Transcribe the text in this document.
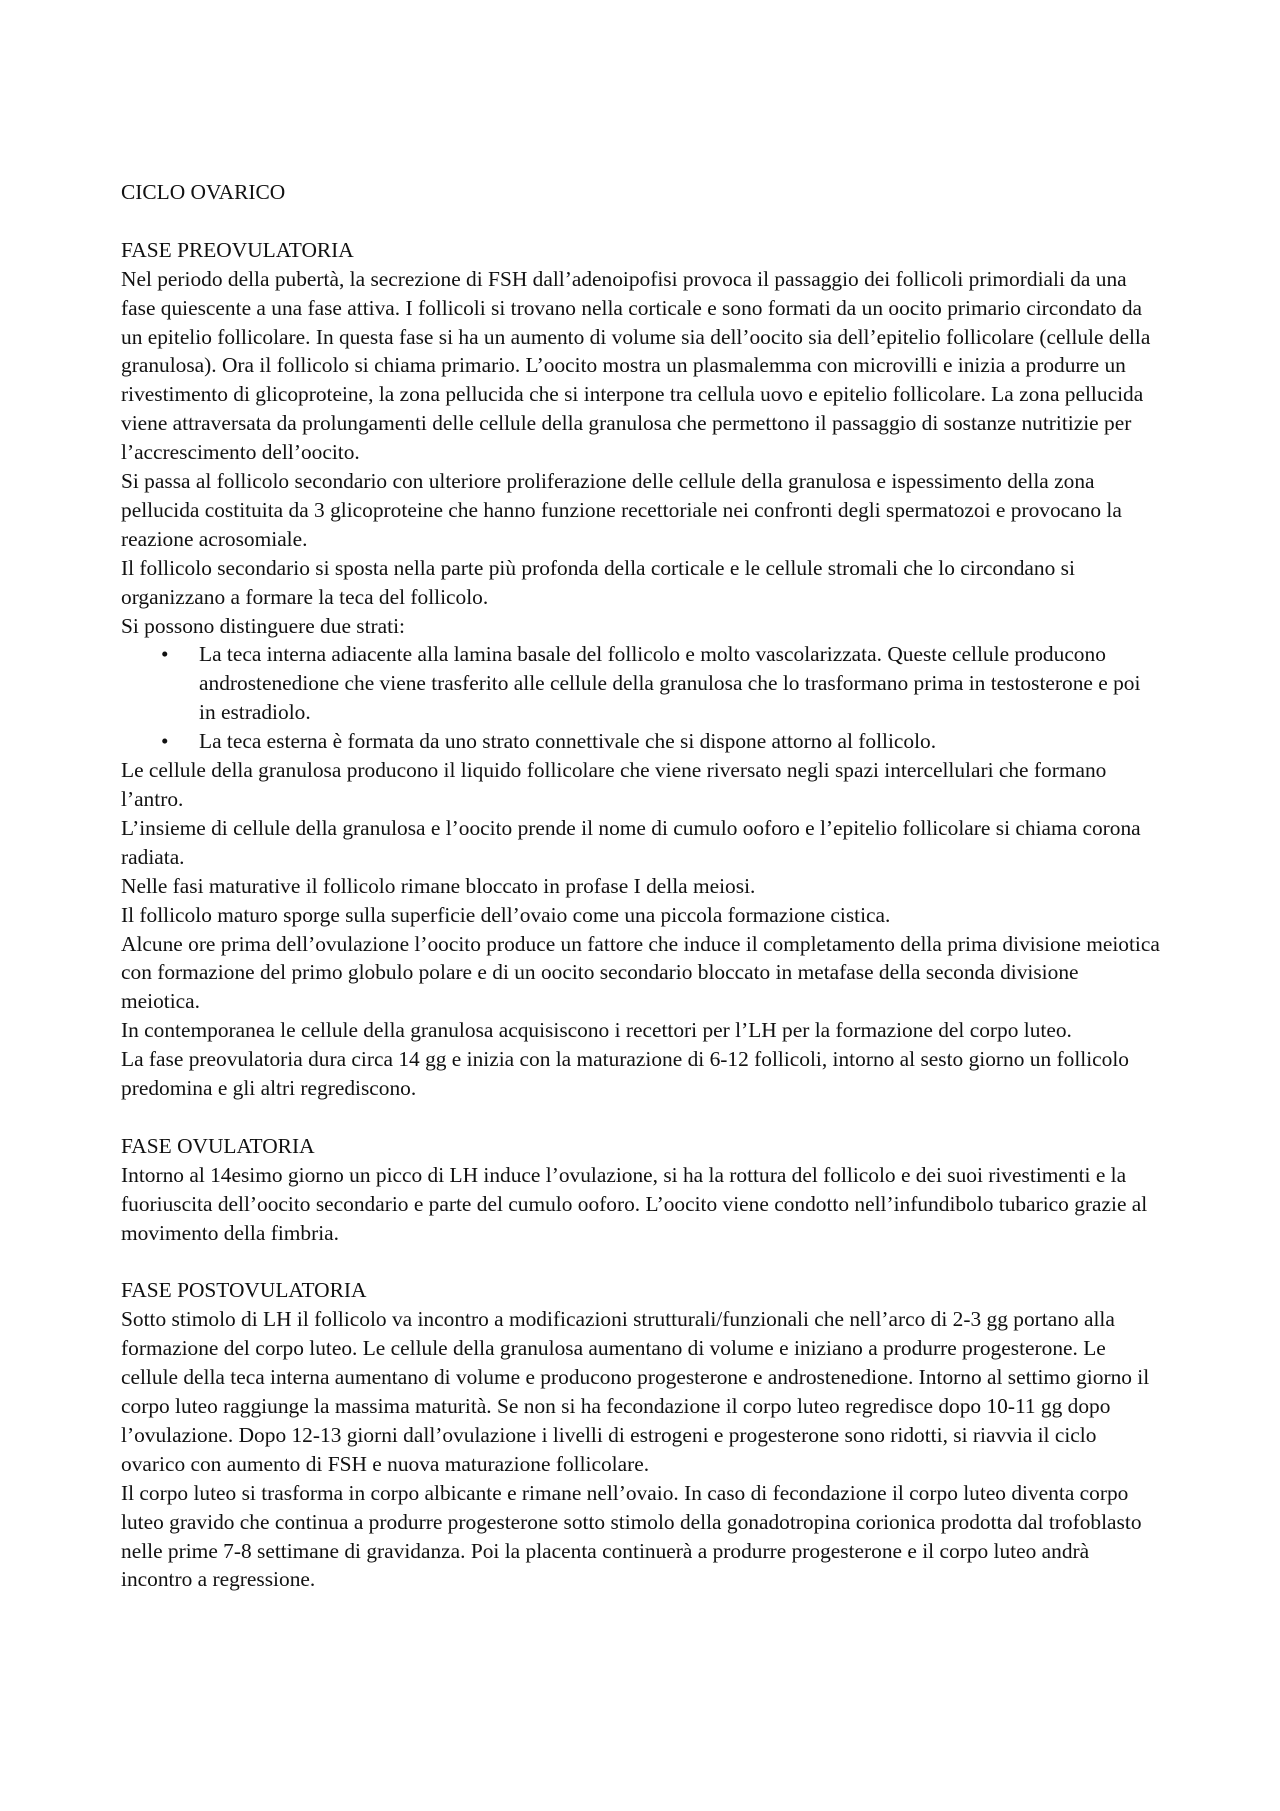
CICLO OVARICO

FASE PREOVULATORIA

Nel periodo della pubertà, la secrezione di FSH dall’adenoipofisi provoca il passaggio dei follicoli primordiali da una fase quiescente a una fase attiva. I follicoli si trovano nella corticale e sono formati da un oocito primario circondato da un epitelio follicolare. In questa fase si ha un aumento di volume sia dell’oocito sia dell’epitelio follicolare (cellule della granulosa). Ora il follicolo si chiama primario. L’oocito mostra un plasmalemma con microvilli e inizia a produrre un rivestimento di glicoproteine, la zona pellucida che si interpone tra cellula uovo e epitelio follicolare. La zona pellucida viene attraversata da prolungamenti delle cellule della granulosa che permettono il passaggio di sostanze nutritizie per l’accrescimento dell’oocito.

Si passa al follicolo secondario con ulteriore proliferazione delle cellule della granulosa e ispessimento della zona pellucida costituita da 3 glicoproteine che hanno funzione recettoriale nei confronti degli spermatozoi e provocano la reazione acrosomiale.

Il follicolo secondario si sposta nella parte più profonda della corticale e le cellule stromali che lo circondano si organizzano a formare la teca del follicolo.

Si possono distinguere due strati:

• La teca interna adiacente alla lamina basale del follicolo e molto vascolarizzata. Queste cellule producono androstenedione che viene trasferito alle cellule della granulosa che lo trasformano prima in testosterone e poi in estradiolo.
• La teca esterna è formata da uno strato connettivale che si dispone attorno al follicolo.

Le cellule della granulosa producono il liquido follicolare che viene riversato negli spazi intercellulari che formano l’antro.

L’insieme di cellule della granulosa e l’oocito prende il nome di cumulo ooforo e l’epitelio follicolare si chiama corona radiata.

Nelle fasi maturative il follicolo rimane bloccato in profase I della meiosi.

Il follicolo maturo sporge sulla superficie dell’ovaio come una piccola formazione cistica.

Alcune ore prima dell’ovulazione l’oocito produce un fattore che induce il completamento della prima divisione meiotica con formazione del primo globulo polare e di un oocito secondario bloccato in metafase della seconda divisione meiotica.

In contemporanea le cellule della granulosa acquisiscono i recettori per l’LH per la formazione del corpo luteo.

La fase preovulatoria dura circa 14 gg e inizia con la maturazione di 6-12 follicoli, intorno al sesto giorno un follicolo predomina e gli altri regrediscono.

FASE OVULATORIA

Intorno al 14esimo giorno un picco di LH induce l’ovulazione, si ha la rottura del follicolo e dei suoi rivestimenti e la fuoriuscita dell’oocito secondario e parte del cumulo ooforo. L’oocito viene condotto nell’infundibolo tubarico grazie al movimento della fimbria.

FASE POSTOVULATORIA

Sotto stimolo di LH il follicolo va incontro a modificazioni strutturali/funzionali che nell’arco di 2-3 gg portano alla formazione del corpo luteo. Le cellule della granulosa aumentano di volume e iniziano a produrre progesterone. Le cellule della teca interna aumentano di volume e producono progesterone e androstenedione. Intorno al settimo giorno il corpo luteo raggiunge la massima maturità. Se non si ha fecondazione il corpo luteo regredisce dopo 10-11 gg dopo l’ovulazione. Dopo 12-13 giorni dall’ovulazione i livelli di estrogeni e progesterone sono ridotti, si riavvia il ciclo ovarico con aumento di FSH e nuova maturazione follicolare.

Il corpo luteo si trasforma in corpo albicante e rimane nell’ovaio. In caso di fecondazione il corpo luteo diventa corpo luteo gravido che continua a produrre progesterone sotto stimolo della gonadotropina corionica prodotta dal trofoblasto nelle prime 7-8 settimane di gravidanza. Poi la placenta continuerà a produrre progesterone e il corpo luteo andrà incontro a regressione.
